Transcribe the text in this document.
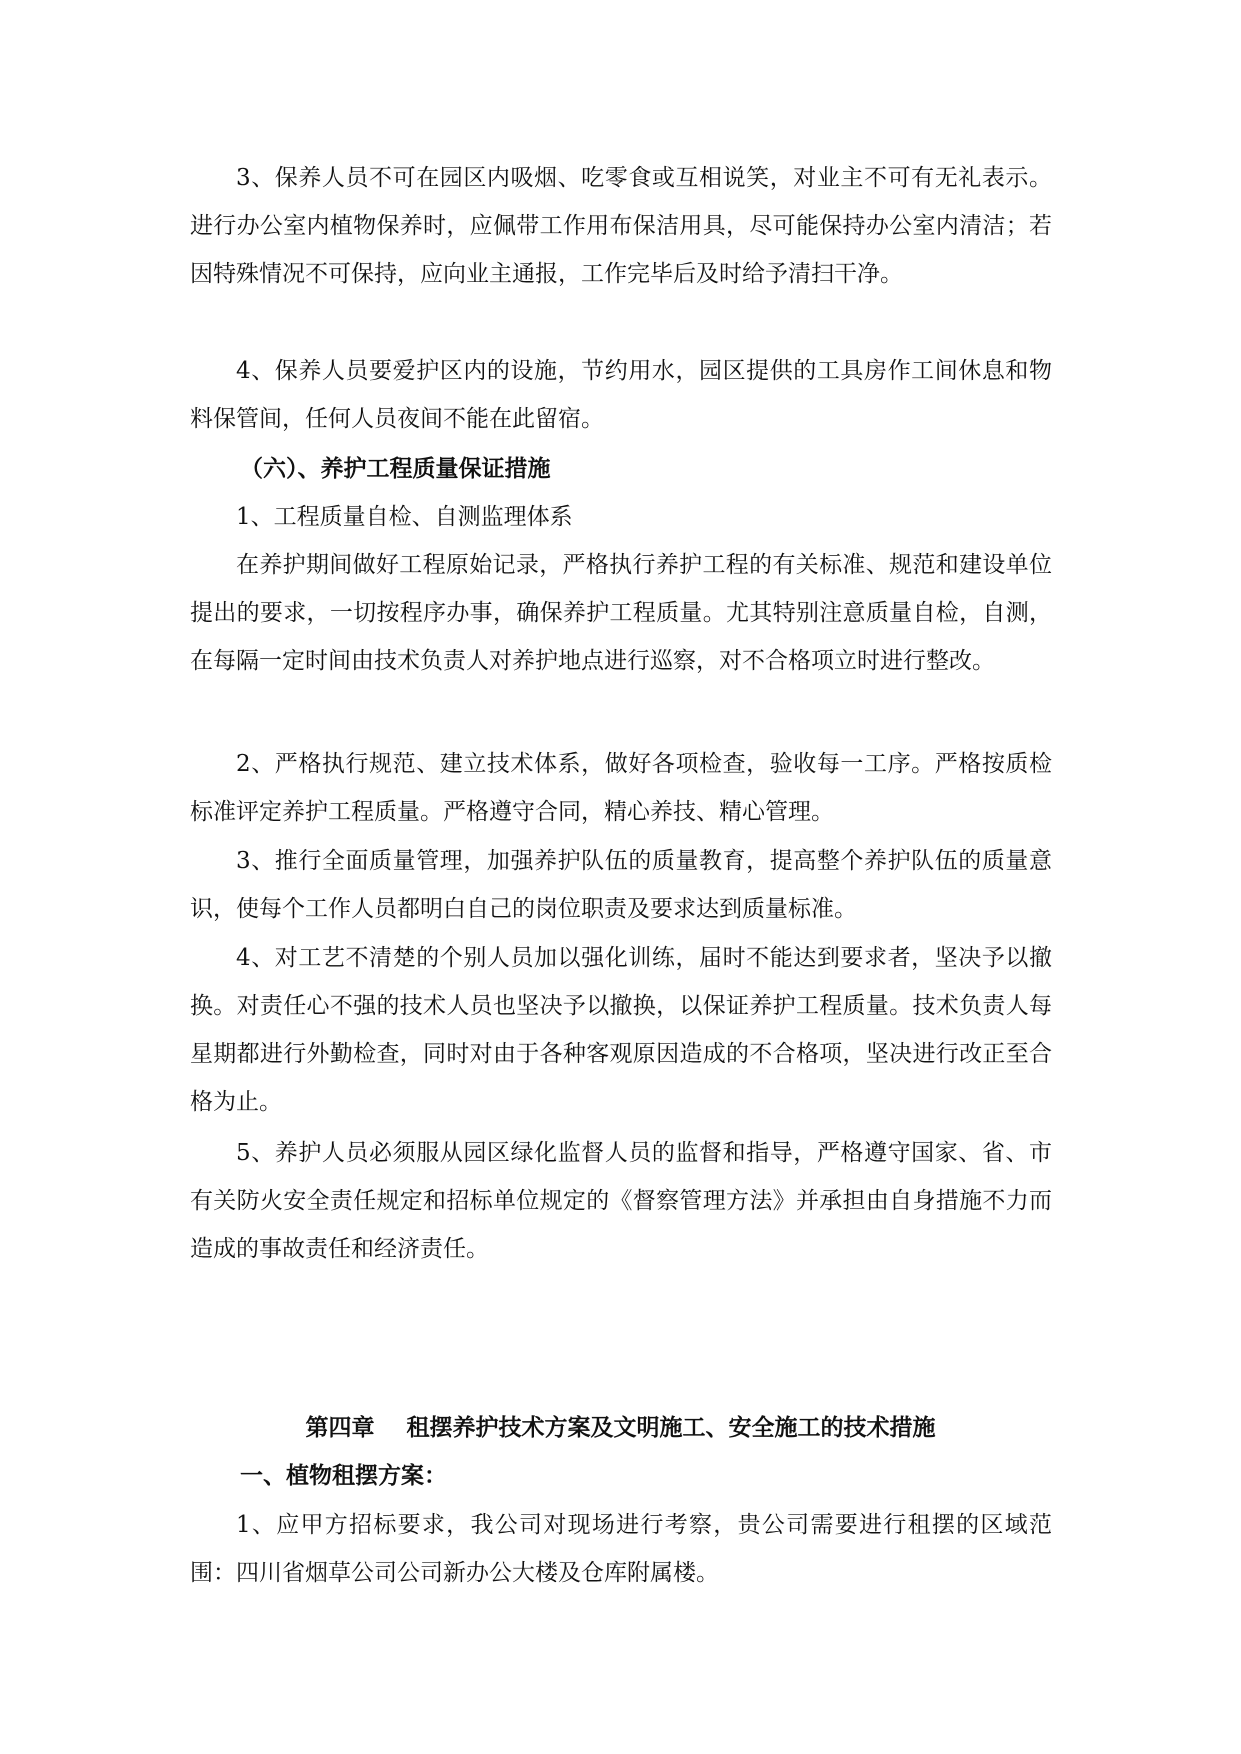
3、保养人员不可在园区内吸烟、吃零食或互相说笑，对业主不可有无礼表示。进行办公室内植物保养时，应佩带工作用布保洁用具，尽可能保持办公室内清洁；若因特殊情况不可保持，应向业主通报，工作完毕后及时给予清扫干净。

4、保养人员要爱护区内的设施，节约用水，园区提供的工具房作工间休息和物料保管间，任何人员夜间不能在此留宿。

（六）、养护工程质量保证措施

1、工程质量自检、自测监理体系

在养护期间做好工程原始记录，严格执行养护工程的有关标准、规范和建设单位提出的要求，一切按程序办事，确保养护工程质量。尤其特别注意质量自检，自测，在每隔一定时间由技术负责人对养护地点进行巡察，对不合格项立时进行整改。

2、严格执行规范、建立技术体系，做好各项检查，验收每一工序。严格按质检标准评定养护工程质量。严格遵守合同，精心养技、精心管理。

3、推行全面质量管理，加强养护队伍的质量教育，提高整个养护队伍的质量意识，使每个工作人员都明白自己的岗位职责及要求达到质量标准。

4、对工艺不清楚的个别人员加以强化训练，届时不能达到要求者，坚决予以撤换。对责任心不强的技术人员也坚决予以撤换，以保证养护工程质量。技术负责人每星期都进行外勤检查，同时对由于各种客观原因造成的不合格项，坚决进行改正至合格为止。

5、养护人员必须服从园区绿化监督人员的监督和指导，严格遵守国家、省、市有关防火安全责任规定和招标单位规定的《督察管理方法》并承担由自身措施不力而造成的事故责任和经济责任。

第四章    租摆养护技术方案及文明施工、安全施工的技术措施

一、植物租摆方案：

1、应甲方招标要求，我公司对现场进行考察，贵公司需要进行租摆的区域范围：四川省烟草公司公司新办公大楼及仓库附属楼。
